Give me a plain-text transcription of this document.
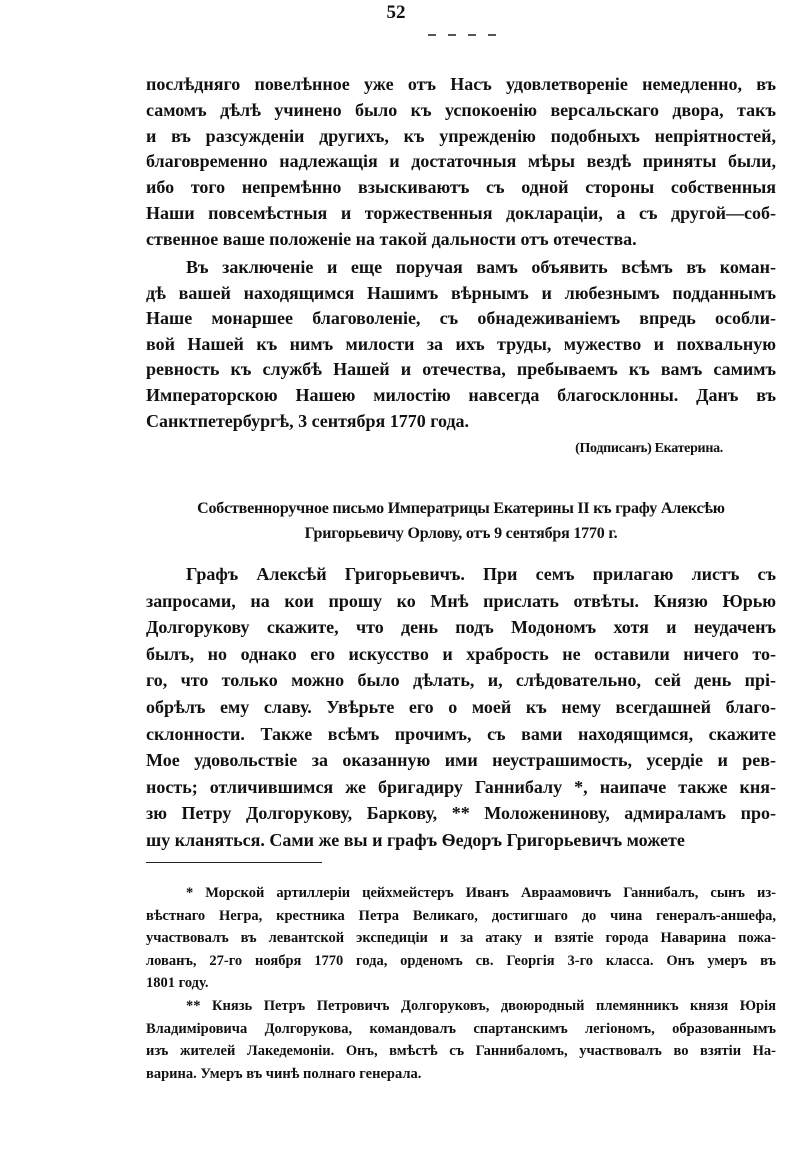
52
послѣдняго повелѣнное уже отъ Насъ удовлетвореніе немедленно, въ
самомъ дѣлѣ учинено было къ успокоенію версальскаго двора, такъ
и въ разсужденіи другихъ, къ упрежденію подобныхъ непріятностей,
благовременно надлежащія и достаточныя мѣры вездѣ приняты были,
ибо того непремѣнно взыскиваютъ съ одной стороны собственныя
Наши повсемѣстныя и торжественныя докларацiи, а съ другой—соб-
ственное ваше положеніе на такой дальности отъ отечества.
Въ заключеніе и еще поручая вамъ объявить всѣмъ въ коман-
дѣ вашей находящимся Нашимъ вѣрнымъ и любезнымъ подданнымъ
Наше монаршее благоволеніе, съ обнадеживаніемъ впредь особли-
вой Нашей къ нимъ милости за ихъ труды, мужество и похвальную
ревность къ службѣ Нашей и отечества, пребываемъ къ вамъ самимъ
Императорскою Нашею милостію навсегда благосклонны. Данъ въ
Санктпетербургѣ, 3 сентября 1770 года.
(Подписанъ) Екатерина.
Собственноручное письмо Императрицы Екатерины II къ графу Алексѣю
Григорьевичу Орлову, отъ 9 сентября 1770 г.
Графъ Алексѣй Григорьевичъ. При семъ прилагаю листъ съ
запросами, на кои прошу ко Мнѣ прислать отвѣты. Князю Юрью
Долгорукову скажите, что день подъ Модономъ хотя и неудаченъ
былъ, но однако его искусство и храбрость не оставили ничего то-
го, что только можно было дѣлать, и, слѣдовательно, сей день прі-
обрѣлъ ему славу. Увѣрьте его о моей къ нему всегдашней благо-
склонности. Также всѣмъ прочимъ, съ вами находящимся, скажите
Мое удовольствіе за оказанную ими неустрашимость, усердіе и рев-
ность; отличившимся же бригадиру Ганнибалу *, наипаче также кня-
зю Петру Долгорукову, Баркову, ** Моложенинову, адмираламъ про-
шу кланяться. Сами же вы и графъ Ѳедоръ Григорьевичъ можете
* Морской артиллеріи цейхмейстеръ Иванъ Авраамовичъ Ганнибалъ, сынъ из-
вѣстнаго Негра, крестника Петра Великаго, достигшаго до чина генералъ-аншефа,
участвовалъ въ левантской экспедиціи и за атаку и взятіе города Наварина пожа-
лованъ, 27-го ноября 1770 года, орденомъ св. Георгія 3-го класса. Онъ умеръ въ
1801 году.
** Князь Петръ Петровичъ Долгоруковъ, двоюродный племянникъ князя Юрія
Владиміровича Долгорукова, командовалъ спартанскимъ легіономъ, образованнымъ
изъ жителей Лакедемоніи. Онъ, вмѣстѣ съ Ганнибаломъ, участвовалъ во взятіи На-
варина. Умеръ въ чинѣ полнаго генерала.
